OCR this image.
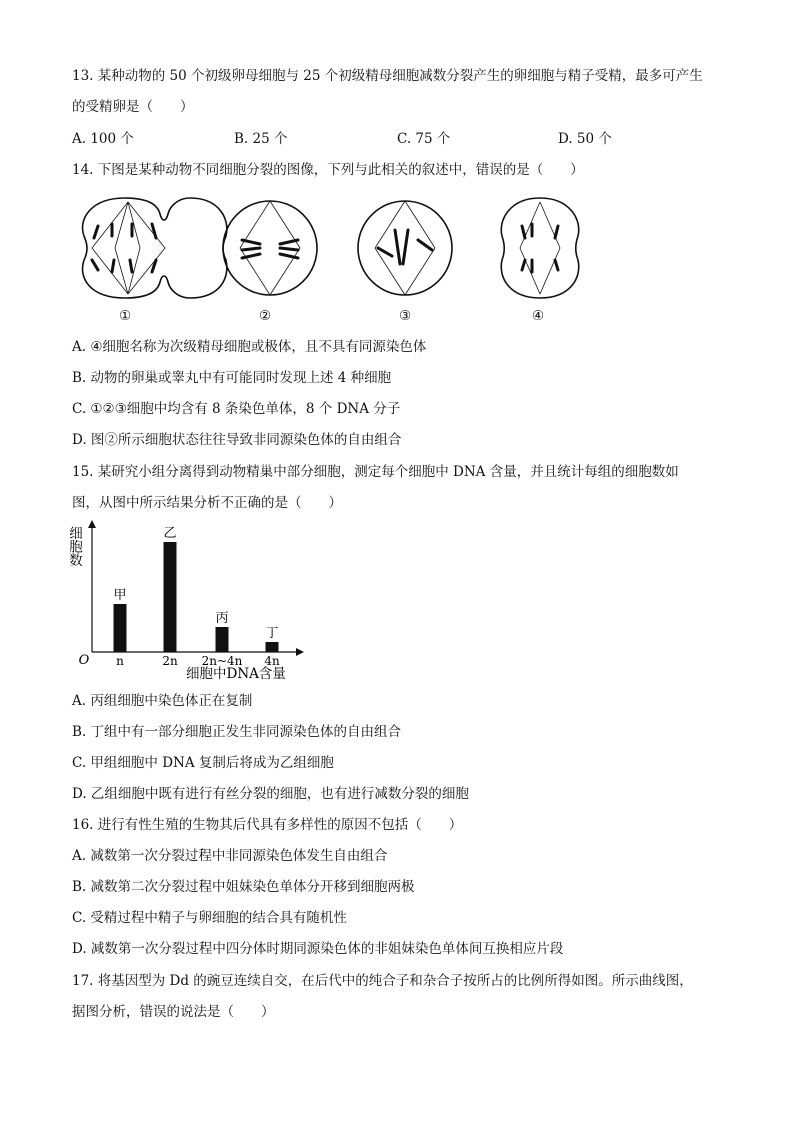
13. 某种动物的 50 个初级卵母细胞与 25 个初级精母细胞减数分裂产生的卵细胞与精子受精，最多可产生
的受精卵是（　　）
A. 100 个	B. 25 个	C. 75 个	D. 50 个
14. 下图是某种动物不同细胞分裂的图像，下列与此相关的叙述中，错误的是（　　）
①	②	③	④
A. ④细胞名称为次级精母细胞或极体，且不具有同源染色体
B. 动物的卵巢或睾丸中有可能同时发现上述 4 种细胞
C. ①②③细胞中均含有 8 条染色单体，8 个 DNA 分子
D. 图②所示细胞状态往往导致非同源染色体的自由组合
15. 某研究小组分离得到动物精巢中部分细胞，测定每个细胞中 DNA 含量，并且统计每组的细胞数如
图，从图中所示结果分析不正确的是（　　）
细胞数
O
细胞中DNA含量
甲
n
乙
2n
丙
2n~4n
丁
4n
A. 丙组细胞中染色体正在复制
B. 丁组中有一部分细胞正发生非同源染色体的自由组合
C. 甲组细胞中 DNA 复制后将成为乙组细胞
D. 乙组细胞中既有进行有丝分裂的细胞，也有进行减数分裂的细胞
16. 进行有性生殖的生物其后代具有多样性的原因不包括（　　）
A. 减数第一次分裂过程中非同源染色体发生自由组合
B. 减数第二次分裂过程中姐妹染色单体分开移到细胞两极
C. 受精过程中精子与卵细胞的结合具有随机性
D. 减数第一次分裂过程中四分体时期同源染色体的非姐妹染色单体间互换相应片段
17. 将基因型为 Dd 的豌豆连续自交，在后代中的纯合子和杂合子按所占的比例所得如图。所示曲线图，
据图分析，错误的说法是（　　）
